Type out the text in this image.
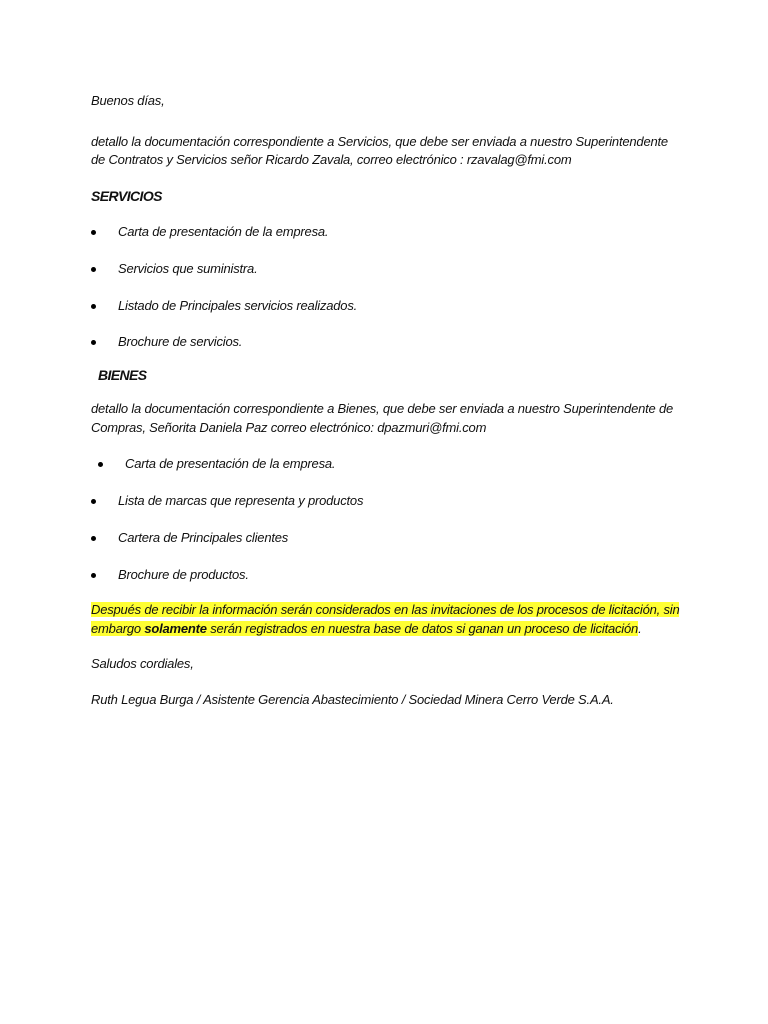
Buenos días,

detallo la documentación correspondiente a Servicios, que debe ser enviada a nuestro Superintendente de Contratos y Servicios señor Ricardo Zavala, correo electrónico : rzavalag@fmi.com

SERVICIOS

Carta de presentación de la empresa.
Servicios que suministra.
Listado de Principales servicios realizados.
Brochure de servicios.

BIENES

detallo la documentación correspondiente a Bienes, que debe ser enviada a nuestro Superintendente de Compras, Señorita Daniela Paz correo electrónico: dpazmuri@fmi.com

Carta de presentación de la empresa.
Lista de marcas que representa y productos
Cartera de Principales clientes
Brochure de productos.

Después de recibir la información serán considerados en las invitaciones de los procesos de licitación, sin embargo solamente serán registrados en nuestra base de datos si ganan un proceso de licitación.

Saludos cordiales,

Ruth Legua Burga / Asistente Gerencia Abastecimiento / Sociedad Minera Cerro Verde S.A.A.
